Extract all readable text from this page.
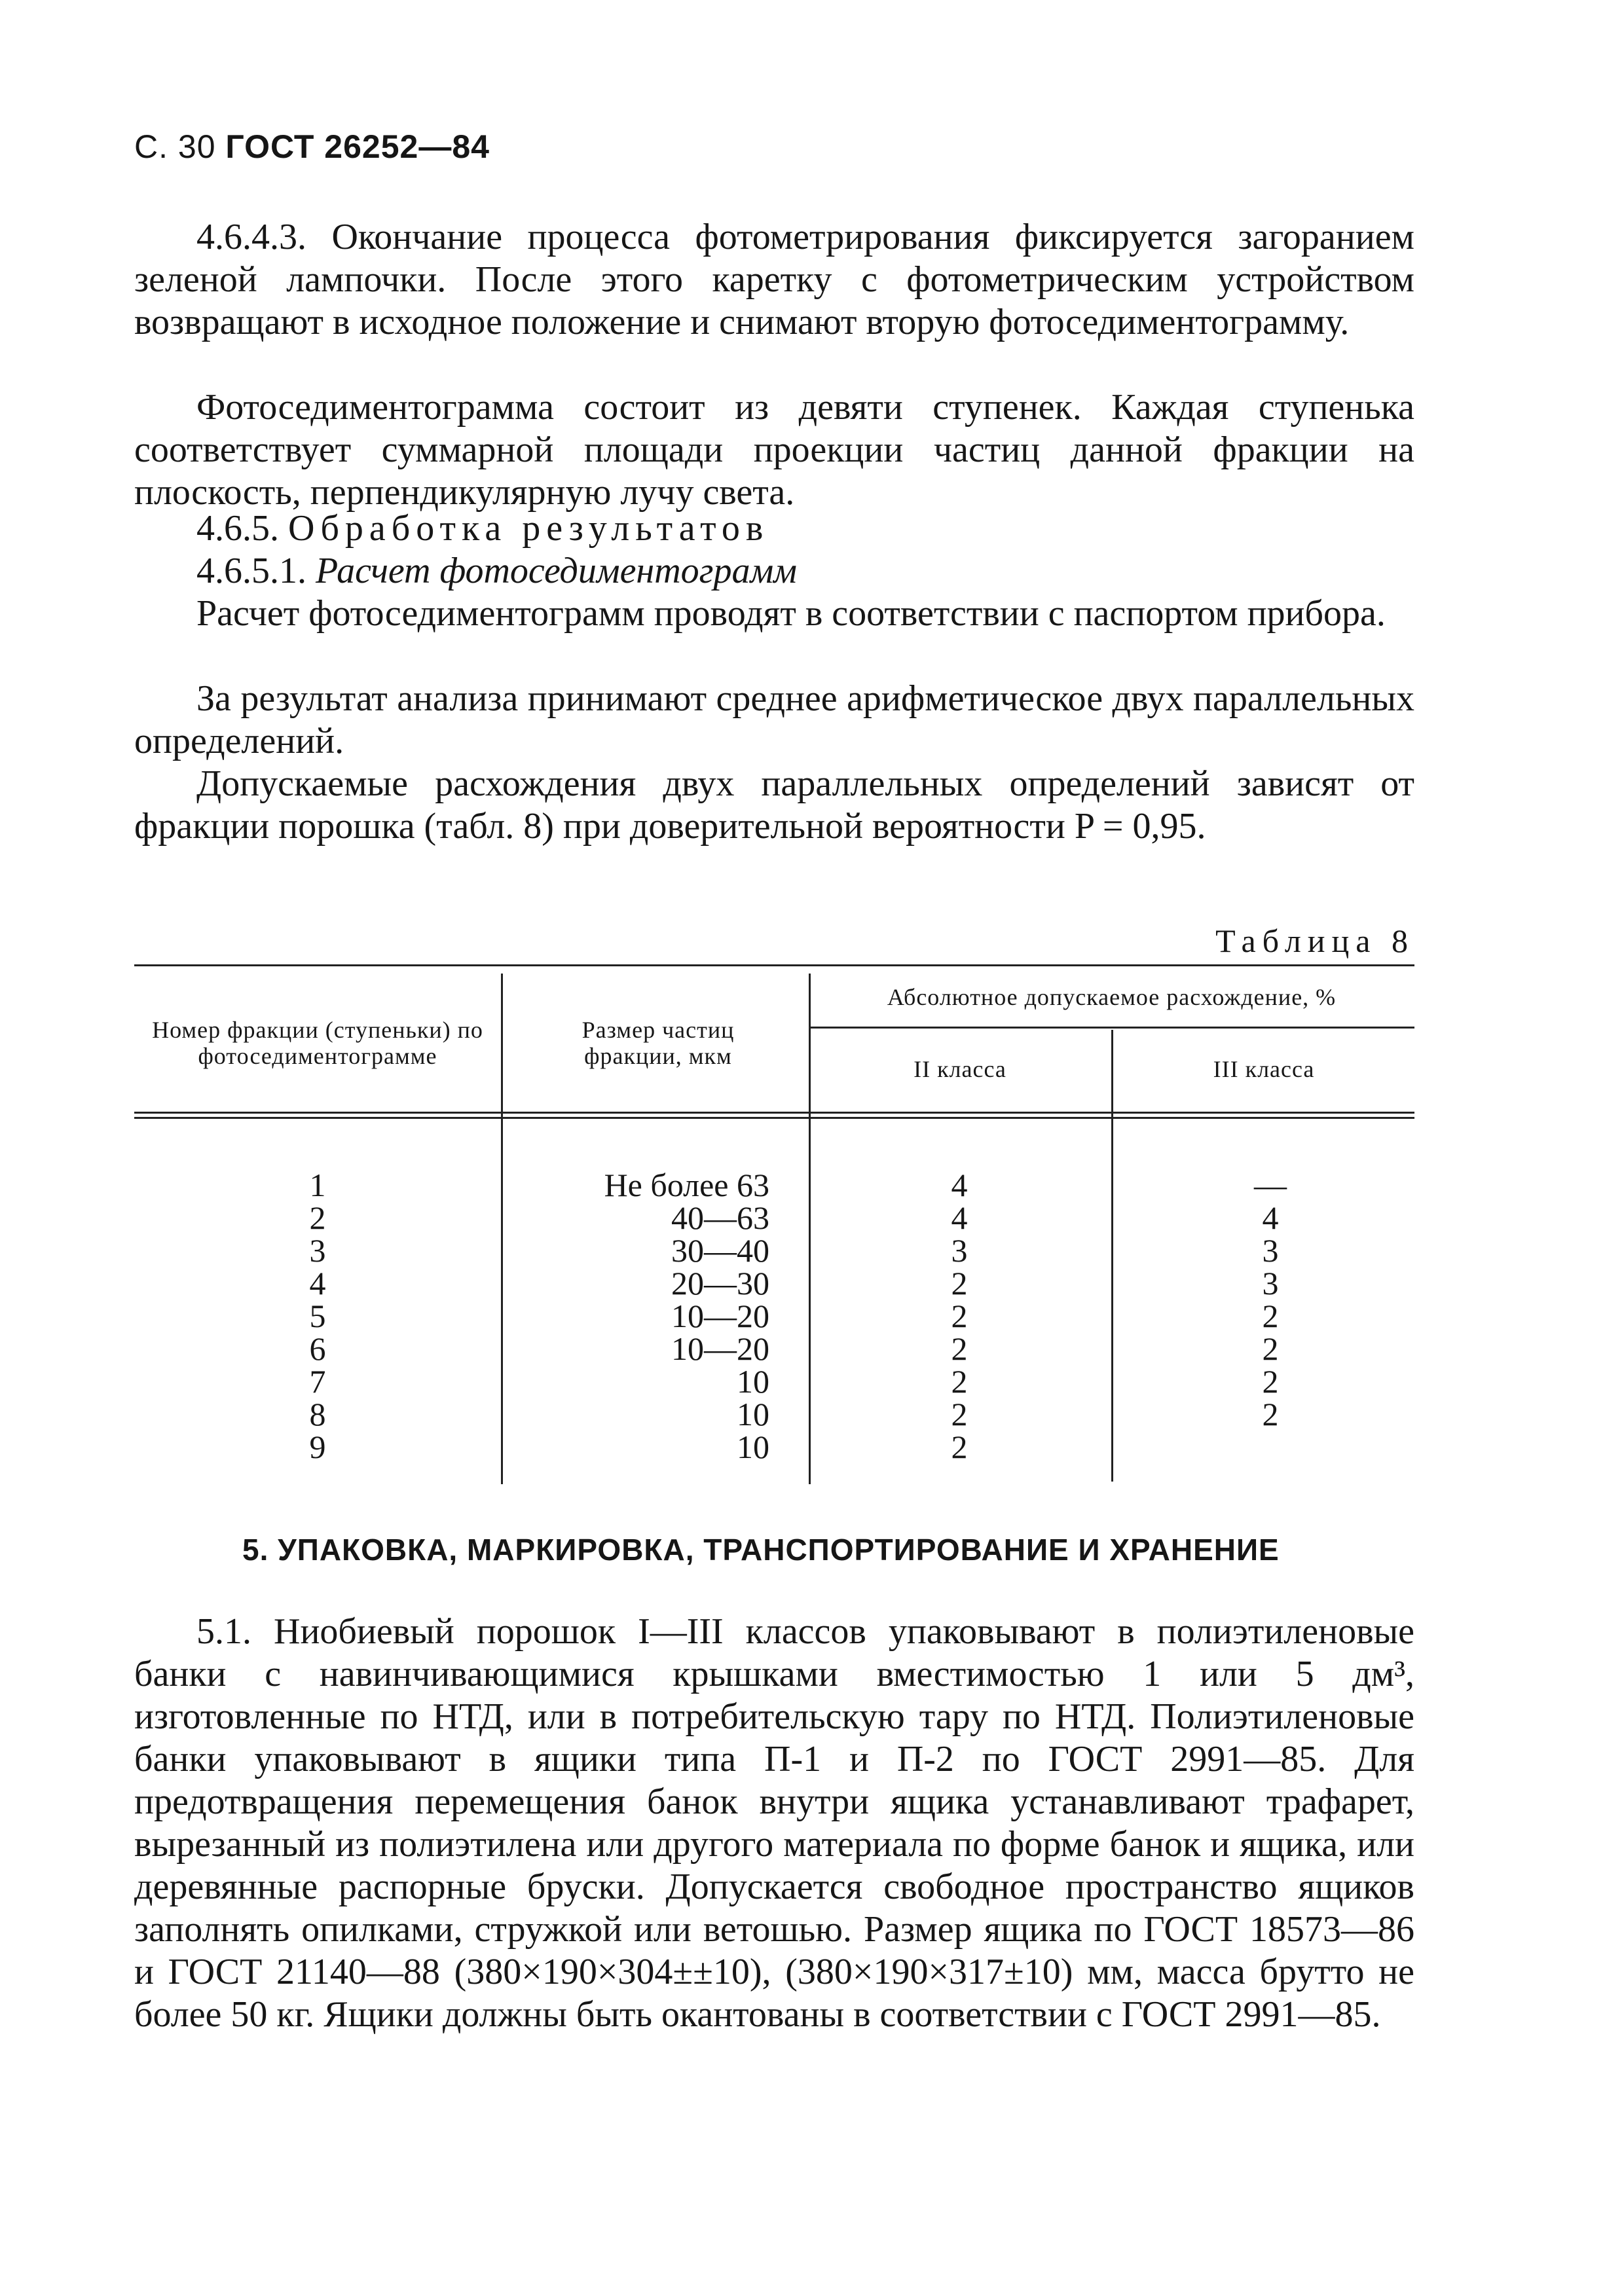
С. 30 ГОСТ 26252—84

4.6.4.3. Окончание процесса фотометрирования фиксируется загоранием зеленой лампочки. После этого каретку с фотометрическим устройством возвращают в исходное положение и снимают вторую фотоседиментограмму.

Фотоседиментограмма состоит из девяти ступенек. Каждая ступенька соответствует суммарной площади проекции частиц данной фракции на плоскость, перпендикулярную лучу света.

4.6.5. Обработка результатов

4.6.5.1. Расчет фотоседиментограмм

Расчет фотоседиментограмм проводят в соответствии с паспортом прибора.

За результат анализа принимают среднее арифметическое двух параллельных определений.

Допускаемые расхождения двух параллельных определений зависят от фракции порошка (табл. 8) при доверительной вероятности P = 0,95.

Таблица 8
Номер фракции (ступеньки) по фотоседиментограмме
Размер частиц фракции, мкм
Абсолютное допускаемое расхождение, %
II класса	III класса
1
2
3
4
5
6
7
8
9
Не более 63
40—63
30—40
20—30
10—20
10—20
10
10
10
4
4
3
2
2
2
2
2
2
—
4
3
3
2
2
2
2
5. УПАКОВКА, МАРКИРОВКА, ТРАНСПОРТИРОВАНИЕ И ХРАНЕНИЕ

5.1. Ниобиевый порошок I—III классов упаковывают в полиэтиленовые банки с навинчивающимися крышками вместимостью 1 или 5 дм³, изготовленные по НТД, или в потребительскую тару по НТД. Полиэтиленовые банки упаковывают в ящики типа П-1 и П-2 по ГОСТ 2991—85. Для предотвращения перемещения банок внутри ящика устанавливают трафарет, вырезанный из полиэтилена или другого материала по форме банок и ящика, или деревянные распорные бруски. Допускается свободное пространство ящиков заполнять опилками, стружкой или ветошью. Размер ящика по ГОСТ 18573—86 и ГОСТ 21140—88 (380×190×304±±10), (380×190×317±10) мм, масса брутто не более 50 кг. Ящики должны быть окантованы в соответствии с ГОСТ 2991—85.
